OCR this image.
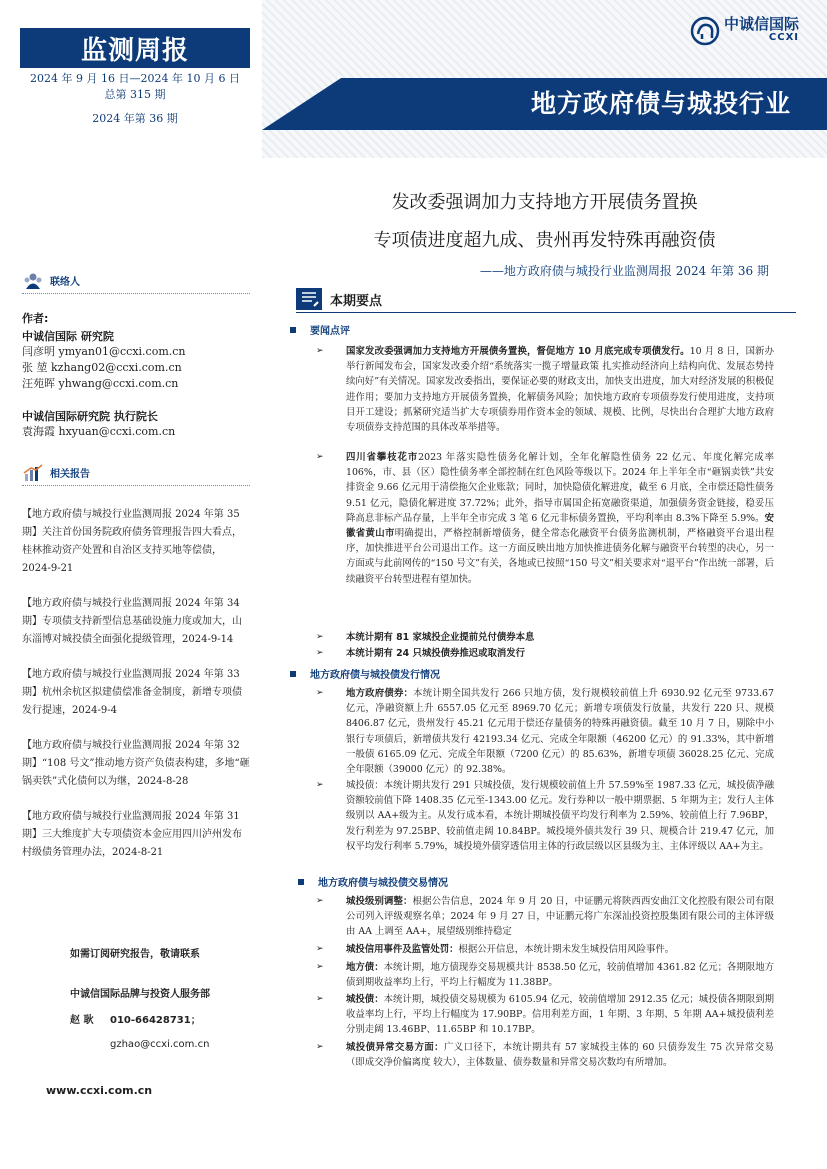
地方政府债与城投行业
监测周报
2024 年 9 月 16 日—2024 年 10 月 6 日
总第 315 期
2024 年第 36 期
中诚信国际
CCXI
发改委强调加力支持地方开展债务置换
专项债进度超九成、贵州再发特殊再融资债
——地方政府债与城投行业监测周报 2024 年第 36 期
联络人
作者:
中诚信国际 研究院
闫彦明 ymyan01@ccxi.com.cn
张 堃 kzhang02@ccxi.com.cn
汪苑晖 yhwang@ccxi.com.cn
中诚信国际研究院 执行院长
袁海霞 hxyuan@ccxi.com.cn
相关报告
【地方政府债与城投行业监测周报 2024 年第 35 期】关注首份国务院政府债务管理报告四大看点，桂林推动资产处置和自治区支持买地等偿债，2024-9-21
【地方政府债与城投行业监测周报 2024 年第 34 期】专项债支持新型信息基础设施力度或加大，山东淄博对城投债全面强化提级管理，2024-9-14
【地方政府债与城投行业监测周报 2024 年第 33 期】杭州余杭区拟建债偿准备金制度，新增专项债发行提速，2024-9-4
【地方政府债与城投行业监测周报 2024 年第 32 期】“108 号文”推动地方资产负债表构建，多地“砸锅卖铁”式化债何以为继，2024-8-28
【地方政府债与城投行业监测周报 2024 年第 31 期】三大维度扩大专项债资本金应用四川泸州发布村级债务管理办法，2024-8-21
如需订阅研究报告，敬请联系
中诚信国际品牌与投资人服务部
赵 耿 010-66428731；
gzhao@ccxi.com.cn
www.ccxi.com.cn
本期要点
要闻点评
➢ 国家发改委强调加力支持地方开展债务置换，督促地方 10 月底完成专项债发行。10 月 8 日，国新办举行新闻发布会，国家发改委介绍“系统落实一揽子增量政策 扎实推动经济向上结构向优、发展态势持续向好”有关情况。国家发改委指出，要保证必要的财政支出，加快支出进度，加大对经济发展的积极促进作用；要加力支持地方开展债务置换，化解债务风险；加快地方政府专项债券发行使用进度，支持项目开工建设；抓紧研究适当扩大专项债券用作资本金的领域、规模、比例，尽快出台合理扩大地方政府专项债券支持范围的具体改革举措等。
➢ 四川省攀枝花市2023 年落实隐性债务化解计划，全年化解隐性债务 22 亿元、年度化解完成率 106%，市、县（区）隐性债务率全部控制在红色风险等级以下。2024 年上半年全市“砸锅卖铁”共安排资金 9.66 亿元用于清偿拖欠企业账款；同时，加快隐债化解进度，截至 6 月底，全市偿还隐性债务 9.51 亿元，隐债化解进度 37.72%；此外，指导市属国企拓宽融资渠道，加强债务资金链接，稳妥压降高息非标产品存量，上半年全市完成 3 笔 6 亿元非标债务置换，平均利率由 8.3%下降至 5.9%。安徽省黄山市明确提出，严格控制新增债务，健全常态化融资平台债务监测机制，严格融资平台退出程序，加快推进平台公司退出工作。这一方面反映出地方加快推进债务化解与融资平台转型的决心，另一方面或与此前网传的“150 号文”有关，各地或已按照“150 号文”相关要求对“退平台”作出统一部署，后续融资平台转型进程有望加快。
➢ 本统计期有 81 家城投企业提前兑付债券本息
➢ 本统计期有 24 只城投债券推迟或取消发行
地方政府债与城投债发行情况
➢ 地方政府债券：本统计期全国共发行 266 只地方债，发行规模较前值上升 6930.92 亿元至 9733.67 亿元，净融资额上升 6557.05 亿元至 8969.70 亿元；新增专项债发行放量，共发行 220 只、规模 8406.87 亿元，贵州发行 45.21 亿元用于偿还存量债务的特殊再融资债。截至 10 月 7 日，剔除中小银行专项债后，新增债共发行 42193.34 亿元、完成全年限额（46200 亿元）的 91.33%，其中新增一般债 6165.09 亿元、完成全年限额（7200 亿元）的 85.63%，新增专项债 36028.25 亿元、完成全年限额（39000 亿元）的 92.38%。
➢ 城投债：本统计期共发行 291 只城投债，发行规模较前值上升 57.59%至 1987.33 亿元，城投债净融资额较前值下降 1408.35 亿元至-1343.00 亿元。发行券种以一般中期票据、5 年期为主；发行人主体级别以 AA+级为主。从发行成本看，本统计期城投债平均发行利率为 2.59%、较前值上行 7.96BP，发行利差为 97.25BP、较前值走阔 10.84BP。城投境外债共发行 39 只、规模合计 219.47 亿元，加权平均发行利率 5.79%，城投境外债穿透信用主体的行政层级以区县级为主、主体评级以 AA+为主。
地方政府债与城投债交易情况
➢ 城投级别调整：根据公告信息，2024 年 9 月 20 日，中证鹏元将陕西西安曲江文化控股有限公司有限公司列入评级观察名单；2024 年 9 月 27 日，中证鹏元将广东深汕投资控股集团有限公司的主体评级由 AA 上调至 AA+，展望级别维持稳定
➢ 城投信用事件及监管处罚：根据公开信息，本统计期未发生城投信用风险事件。
➢ 地方债：本统计期，地方债现券交易规模共计 8538.50 亿元，较前值增加 4361.82 亿元；各期限地方债到期收益率均上行，平均上行幅度为 11.38BP。
➢ 城投债：本统计期，城投债交易规模为 6105.94 亿元，较前值增加 2912.35 亿元；城投债各期限到期收益率均上行，平均上行幅度为 17.90BP。信用利差方面，1 年期、3 年期、5 年期 AA+城投债利差分别走阔 13.46BP、11.65BP 和 10.17BP。
➢ 城投债异常交易方面：广义口径下，本统计期共有 57 家城投主体的 60 只债券发生 75 次异常交易（即成交净价偏离度 较大），主体数量、债券数量和异常交易次数均有所增加。
